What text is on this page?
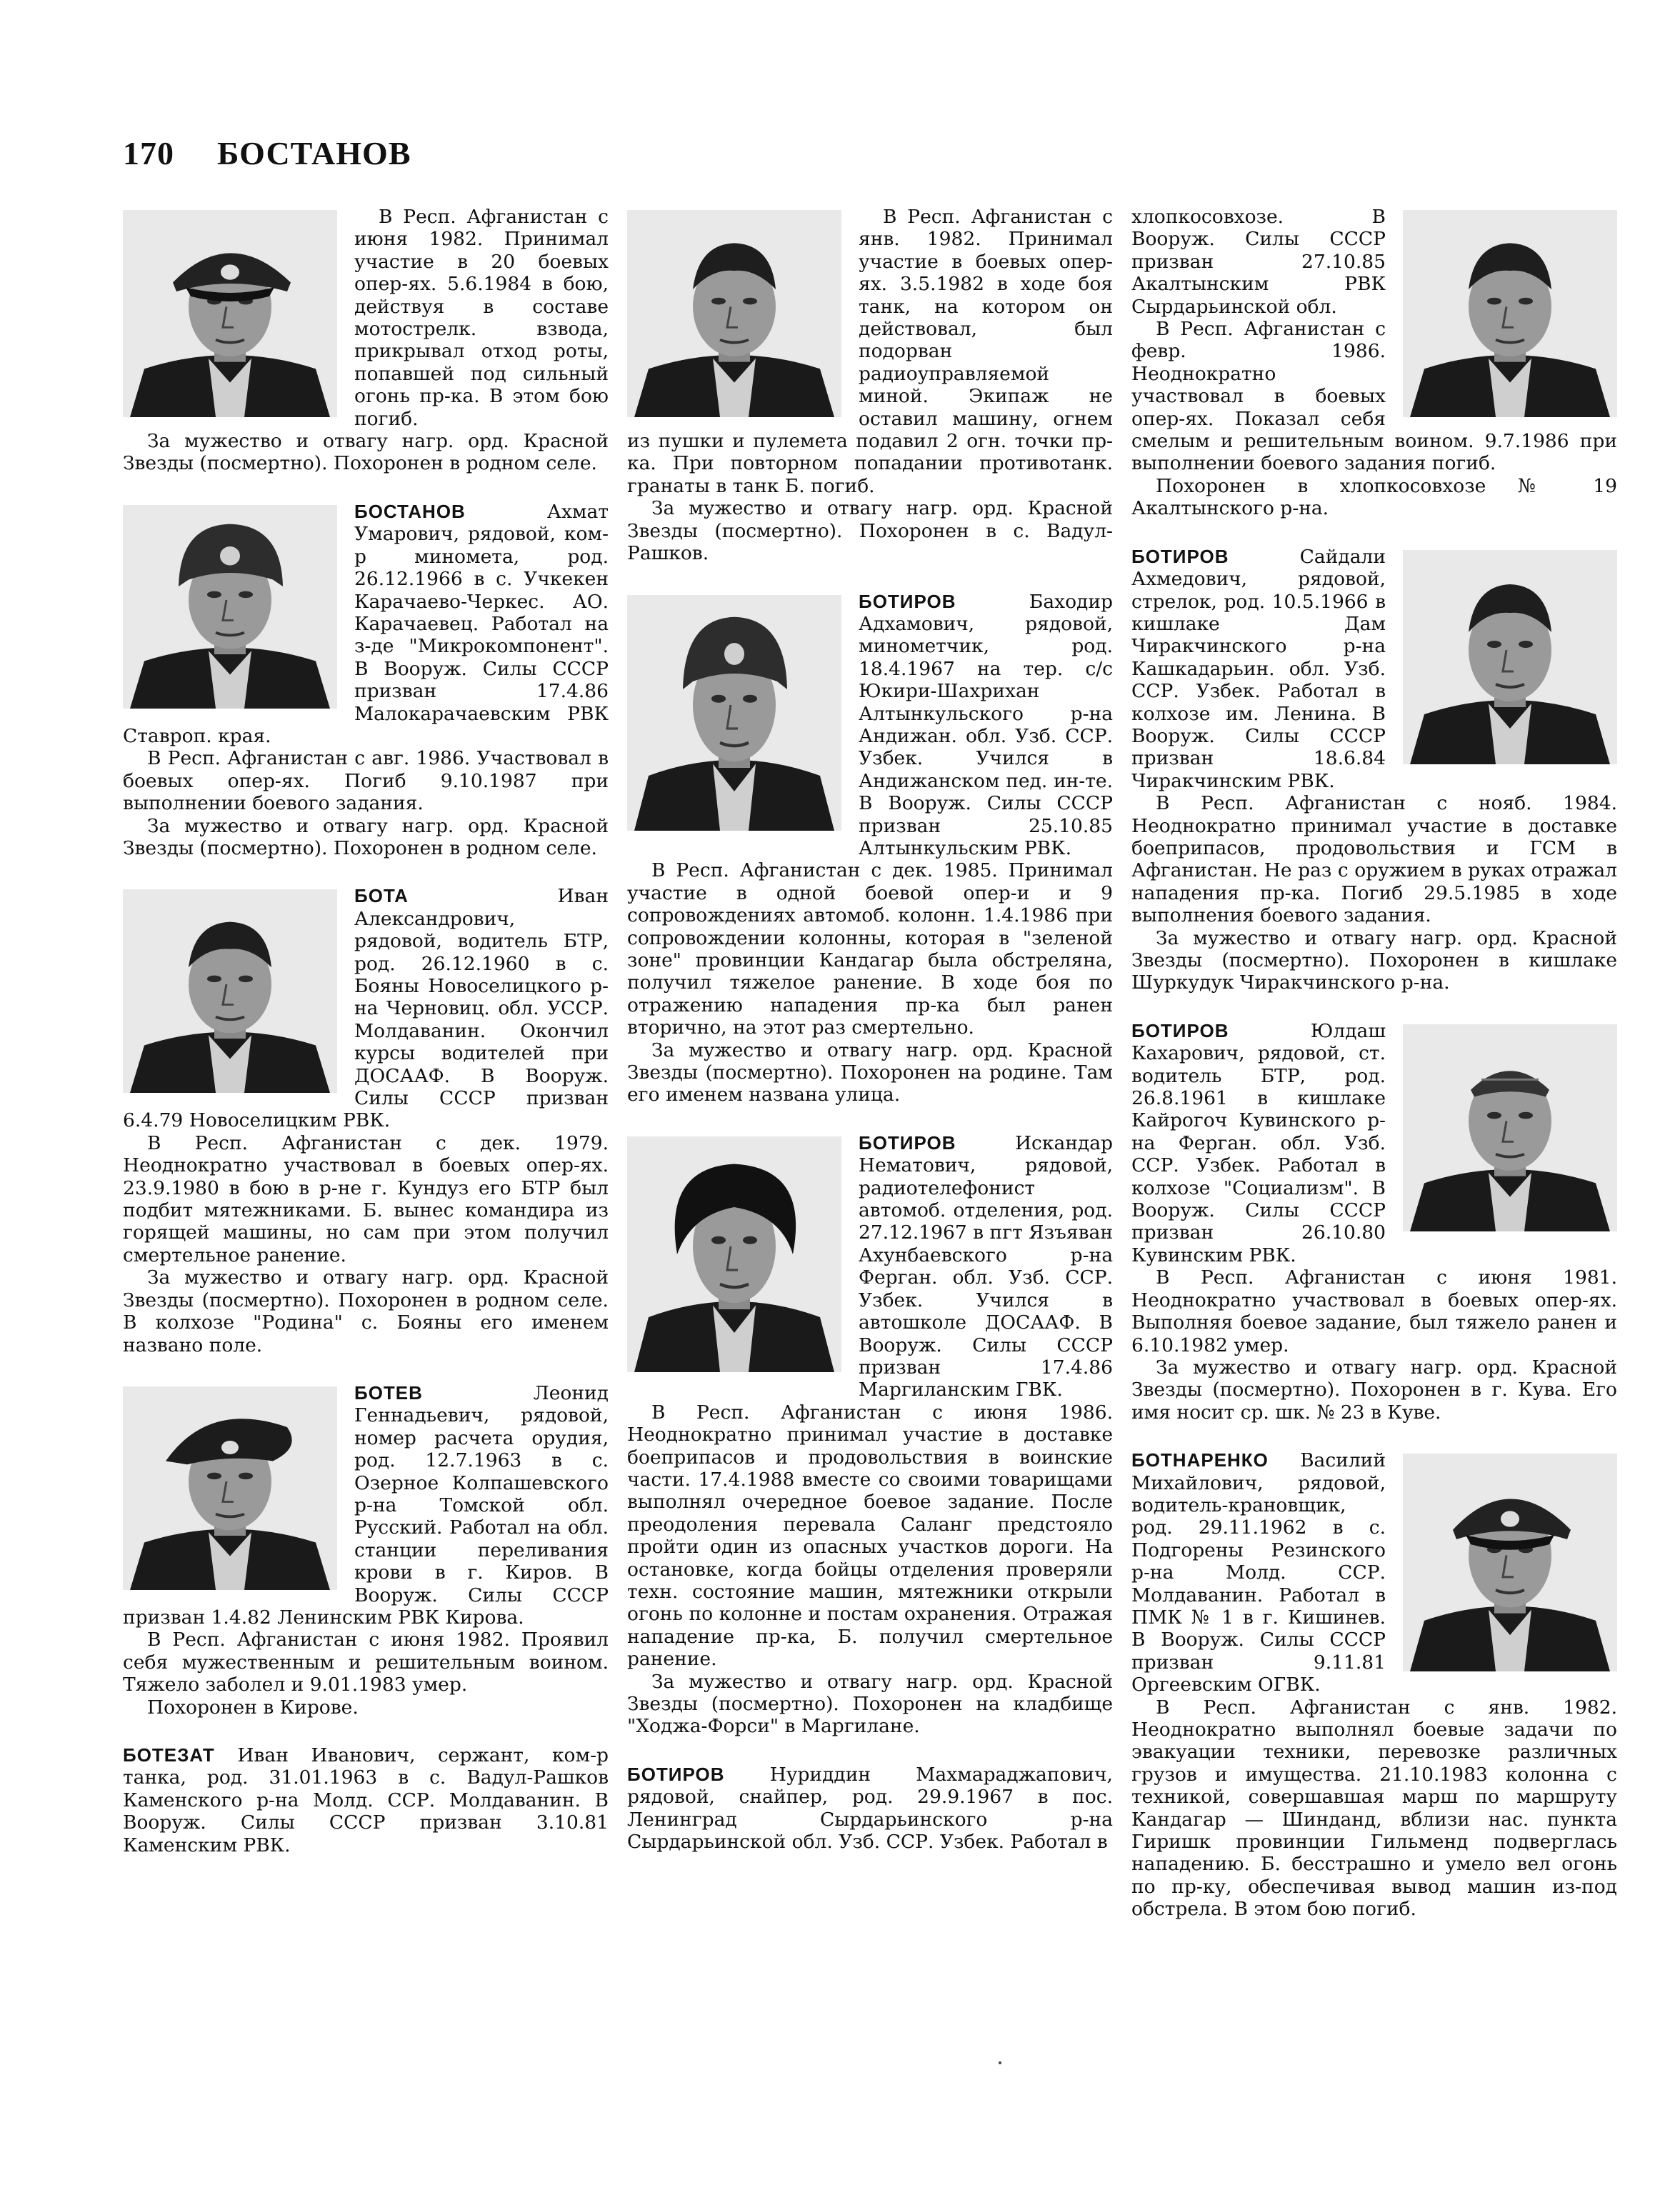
170 БОСТАНОВ

В Респ. Афганистан с июня 1982. Принимал участие в 20 боевых опер-ях. 5.6.1984 в бою, действуя в составе мотострелк. взвода, прикрывал отход роты, попавшей под сильный огонь пр-ка. В этом бою погиб.

За мужество и отвагу нагр. орд. Красной Звезды (посмертно). Похоронен в родном селе.

БОСТАНОВ	Ахмат Умарович, рядовой, ком-р миномета, род. 26.12.1966 в с. Учкекен Карачаево-Черкес. АО. Карачаевец. Работал на з-де "Микрокомпонент". В Вооруж. Силы СССР призван 17.4.86 Малокарачаевским РВК Ставроп. края.

В Респ. Афганистан с авг. 1986. Участвовал в боевых опер-ях. Погиб 9.10.1987 при выполнении боевого задания.

За мужество и отвагу нагр. орд. Красной Звезды (посмертно). Похоронен в родном селе.

БОТА	Иван Александрович, рядовой, водитель БТР, род. 26.12.1960 в с. Бояны Новоселицкого р-на Черновиц. обл. УССР. Молдаванин. Окончил курсы водителей при ДОСААФ. В Вооруж. Силы СССР призван 6.4.79 Новоселицким РВК.

В Респ. Афганистан с дек. 1979. Неоднократно участвовал в боевых опер-ях. 23.9.1980 в бою в р-не г. Кундуз его БТР был подбит мятежниками. Б. вынес командира из горящей машины, но сам при этом получил смертельное ранение.

За мужество и отвагу нагр. орд. Красной Звезды (посмертно). Похоронен в родном селе. В колхозе "Родина" с. Бояны его именем названо поле.

БОТЕВ	Леонид Геннадьевич, рядовой, номер расчета орудия, род. 12.7.1963 в с. Озерное Колпашевского р-на Томской обл. Русский. Работал на обл. станции переливания крови в г. Киров. В Вооруж. Силы СССР призван 1.4.82 Ленинским РВК Кирова.

В Респ. Афганистан с июня 1982. Проявил себя мужественным и решительным воином. Тяжело заболел и 9.01.1983 умер.

Похоронен в Кирове.

БОТЕЗАТ Иван Иванович, сержант, ком-р танка, род. 31.01.1963 в с. Вадул-Рашков Каменского р-на Молд. ССР. Молдаванин. В Вооруж. Силы СССР призван 3.10.81 Каменским РВК.

В Респ. Афганистан с янв. 1982. Принимал участие в боевых опер-ях. 3.5.1982 в ходе боя танк, на котором он действовал, был подорван радиоуправляемой миной. Экипаж не оставил машину, огнем из пушки и пулемета подавил 2 огн. точки пр-ка. При повторном попадании противотанк. гранаты в танк Б. погиб.

За мужество и отвагу нагр. орд. Красной Звезды (посмертно). Похоронен в с. Вадул-Рашков.

БОТИРОВ	Баходир Адхамович, рядовой, минометчик, род. 18.4.1967 на тер. с/с Юкири-Шахрихан Алтынкульского р-на Андижан. обл. Узб. ССР. Узбек. Учился в Андижанском пед. ин-те. В Вооруж. Силы СССР призван 25.10.85 Алтынкульским РВК.

В Респ. Афганистан с дек. 1985. Принимал участие в одной боевой опер-и и 9 сопровождениях автомоб. колонн. 1.4.1986 при сопровождении колонны, которая в "зеленой зоне" провинции Кандагар была обстреляна, получил тяжелое ранение. В ходе боя по отражению нападения пр-ка был ранен вторично, на этот раз смертельно.

За мужество и отвагу нагр. орд. Красной Звезды (посмертно). Похоронен на родине. Там его именем названа улица.

БОТИРОВ	Искандар Нематович, рядовой, радиотелефонист автомоб. отделения, род. 27.12.1967 в пгт Язъяван Ахунбаевского р-на Ферган. обл. Узб. ССР. Узбек. Учился в автошколе ДОСААФ. В Вооруж. Силы СССР призван 17.4.86 Маргиланским ГВК.

В Респ. Афганистан с июня 1986. Неоднократно принимал участие в доставке боеприпасов и продовольствия в воинские части. 17.4.1988 вместе со своими товарищами выполнял очередное боевое задание. После преодоления перевала Саланг предстояло пройти один из опасных участков дороги. На остановке, когда бойцы отделения проверяли техн. состояние машин, мятежники открыли огонь по колонне и постам охранения. Отражая нападение пр-ка, Б. получил смертельное ранение.

За мужество и отвагу нагр. орд. Красной Звезды (посмертно). Похоронен на кладбище "Ходжа-Форси" в Маргилане.

БОТИРОВ Нуриддин Махмараджапович, рядовой, снайпер, род. 29.9.1967 в пос. Ленинград Сырдарьинского р-на Сырдарьинской обл. Узб. ССР. Узбек. Работал в

хлопкосовхозе. В Вооруж. Силы СССР призван 27.10.85 Акалтынским РВК Сырдарьинской обл.

В Респ. Афганистан с февр. 1986. Неоднократно участвовал в боевых опер-ях. Показал себя смелым и решительным воином. 9.7.1986 при выполнении боевого задания погиб.

Похоронен в хлопкосовхозе № 19 Акалтынского р-на.

БОТИРОВ	Сайдали Ахмедович, рядовой, стрелок, род. 10.5.1966 в кишлаке Дам Чиракчинского р-на Кашкадарьин. обл. Узб. ССР. Узбек. Работал в колхозе им. Ленина. В Вооруж. Силы СССР призван 18.6.84 Чиракчинским РВК.

В Респ. Афганистан с нояб. 1984. Неоднократно принимал участие в доставке боеприпасов, продовольствия и ГСМ в Афганистан. Не раз с оружием в руках отражал нападения пр-ка. Погиб 29.5.1985 в ходе выполнения боевого задания.

За мужество и отвагу нагр. орд. Красной Звезды (посмертно). Похоронен в кишлаке Шуркудук Чиракчинского р-на.

БОТИРОВ	Юлдаш Кахарович, рядовой, ст. водитель БТР, род. 26.8.1961 в кишлаке Кайрогоч Кувинского р-на Ферган. обл. Узб. ССР. Узбек. Работал в колхозе "Социализм". В Вооруж. Силы СССР призван 26.10.80 Кувинским РВК.

В Респ. Афганистан с июня 1981. Неоднократно участвовал в боевых опер-ях. Выполняя боевое задание, был тяжело ранен и 6.10.1982 умер.

За мужество и отвагу нагр. орд. Красной Звезды (посмертно). Похоронен в г. Кува. Его имя носит ср. шк. № 23 в Куве.

БОТНАРЕНКО Василий Михайлович, рядовой, водитель-крановщик, род. 29.11.1962 в с. Подгорены Резинского р-на Молд. ССР. Молдаванин. Работал в ПМК № 1 в г. Кишинев. В Вооруж. Силы СССР призван 9.11.81 Оргеевским ОГВК.

В Респ. Афганистан с янв. 1982. Неоднократно выполнял боевые задачи по эвакуации техники, перевозке различных грузов и имущества. 21.10.1983 колонна с техникой, совершавшая марш по маршруту Кандагар — Шинданд, вблизи нас. пункта Гиришк провинции Гильменд подверглась нападению. Б. бесстрашно и умело вел огонь по пр-ку, обеспечивая вывод машин из-под обстрела. В этом бою погиб.
